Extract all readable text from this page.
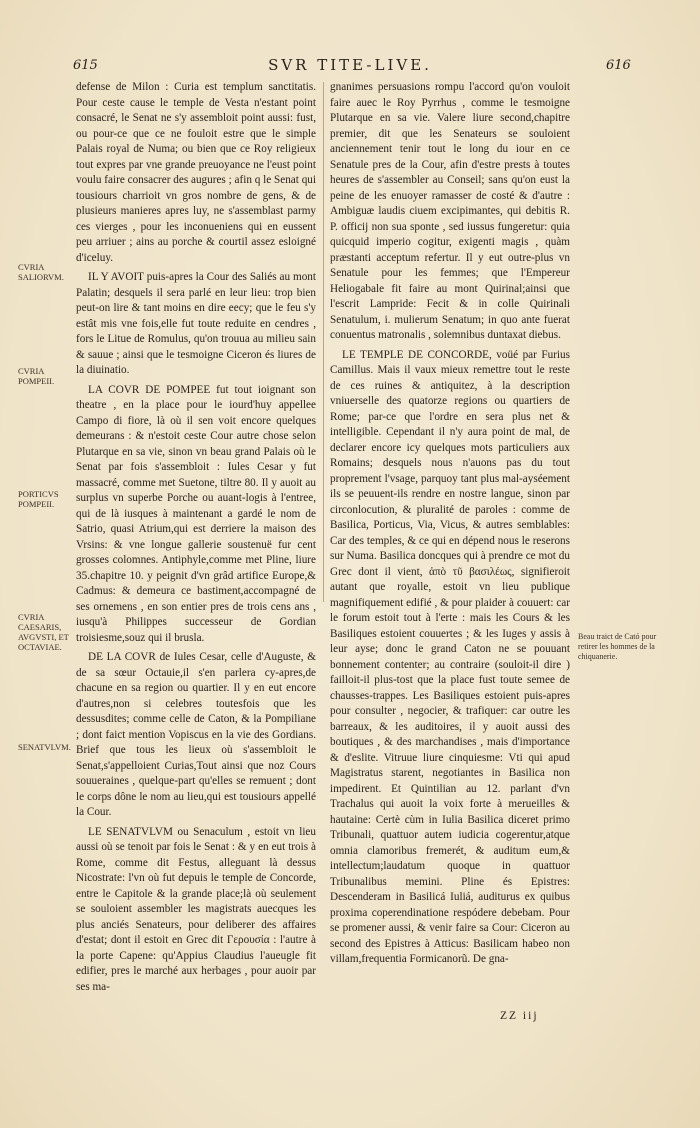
615	SVR TITE-LIVE.	616

defense de Milon : Curia est templum sanctitatis. Pour ceste cause le temple de Vesta n'estant point consacré, le Senat ne s'y assembloit point aussi: fust, ou pour-ce que ce ne fouloit estre que le simple Palais royal de Numa; ou bien que ce Roy religieux tout expres par vne grande preuoyance ne l'eust point voulu faire consacrer des augures ; afin q le Senat qui tousiours charrioit vn gros nombre de gens, & de plusieurs manieres apres luy, ne s'assemblast parmy ces vierges , pour les inconueniens qui en eussent peu arriuer ; ains au porche & courtil assez esloigné d'iceluy.

IL Y AVOIT puis-apres la Cour des Saliés au mont Palatin; desquels il sera parlé en leur lieu: trop bien peut-on lire & tant moins en dire eecy; que le feu s'y estât mis vne fois,elle fut toute reduite en cendres , fors le Litue de Romulus, qu'on trouua au milieu sain & sauue ; ainsi que le tesmoigne Ciceron és liures de la diuinatio.

LA COVR DE POMPEE fut tout ioignant son theatre , en la place pour le iourd'huy appellee Campo di fiore, là où il sen voit encore quelques demeurans : & n'estoit ceste Cour autre chose selon Plutarque en sa vie, sinon vn beau grand Palais où le Senat par fois s'assembloit : Iules Cesar y fut massacré, comme met Suetone, tiltre 80. Il y auoit au surplus vn superbe Porche ou auant-logis à l'entree, qui de là iusques à maintenant a gardé le nom de Satrio, quasi Atrium,qui est derriere la maison des Vrsins: & vne longue gallerie soustenuë fur cent grosses colomnes. Antiphyle,comme met Pline, liure 35.chapitre 10. y peignit d'vn grâd artifice Europe,& Cadmus: & demeura ce bastiment,accompagné de ses ornemens , en son entier pres de trois cens ans , iusqu'à Philippes successeur de Gordian troisiesme,souz qui il brusla.

DE LA COVR de Iules Cesar, celle d'Auguste, & de sa sœur Octauie,il s'en parlera cy-apres,de chacune en sa region ou quartier. Il y en eut encore d'autres,non si celebres toutesfois que les dessusdites; comme celle de Caton, & la Pompiliane ; dont faict mention Vopiscus en la vie des Gordians. Brief que tous les lieux où s'assembloit le Senat,s'appelloient Curias,Tout ainsi que noz Cours souueraines , quelque-part qu'elles se remuent ; dont le corps dône le nom au lieu,qui est tousiours appellé la Cour.

LE SENATVLVM ou Senaculum , estoit vn lieu aussi où se tenoit par fois le Senat : & y en eut trois à Rome, comme dit Festus, alleguant là dessus Nicostrate: l'vn où fut depuis le temple de Concorde, entre le Capitole & la grande place;là où seulement se souloient assembler les magistrats auecques les plus anciés Senateurs, pour deliberer des affaires d'estat; dont il estoit en Grec dit Γερουσία : l'autre à la porte Capene: qu'Appius Claudius l'aueugle fit edifier, pres le marché aux herbages , pour auoir par ses ma-

gnanimes persuasions rompu l'accord qu'on vouloit faire auec le Roy Pyrrhus , comme le tesmoigne Plutarque en sa vie. Valere liure second,chapitre premier, dit que les Senateurs se souloient anciennement tenir tout le long du iour en ce Senatule pres de la Cour, afin d'estre prests à toutes heures de s'assembler au Conseil; sans qu'on eust la peine de les enuoyer ramasser de costé & d'autre : Ambiguæ laudis ciuem excipimantes, qui debitis R. P. officij non sua sponte , sed iussus fungeretur: quia quicquid imperio cogitur, exigenti magis , quàm præstanti acceptum refertur. Il y eut outre-plus vn Senatule pour les femmes; que l'Empereur Heliogabale fit faire au mont Quirinal;ainsi que l'escrit Lampride: Fecit & in colle Quirinali Senatulum, i. mulierum Senatum; in quo ante fuerat conuentus matronalis , solemnibus duntaxat diebus.

LE TEMPLE DE CONCORDE, voüé par Furius Camillus. Mais il vaux mieux remettre tout le reste de ces ruines & antiquitez, à la description vniuerselle des quatorze regions ou quartiers de Rome; par-ce que l'ordre en sera plus net & intelligible. Cependant il n'y aura point de mal, de declarer encore icy quelques mots particuliers aux Romains; desquels nous n'auons pas du tout proprement l'vsage, parquoy tant plus mal-ayséement ils se peuuent-ils rendre en nostre langue, sinon par circonlocution, & pluralité de paroles : comme de Basilica, Porticus, Via, Vicus, & autres semblables: Car des temples, & ce qui en dépend nous le reserons sur Numa. Basilica doncques qui à prendre ce mot du Grec dont il vient, ἀπὸ τῦ βασιλέως, signifieroit autant que royalle, estoit vn lieu publique magnifiquement edifié , & pour plaider à couuert: car le forum estoit tout à l'erte : mais les Cours & les Basiliques estoient couuertes ; & les Iuges y assis à leur ayse; donc le grand Caton ne se pouuant bonnement contenter; au contraire (souloit-il dire ) failloit-il plus-tost que la place fust toute semee de chausses-trappes. Les Basiliques estoient puis-apres pour consulter , negocier, & trafiquer: car outre les barreaux, & les auditoires, il y auoit aussi des boutiques , & des marchandises , mais d'importance & d'eslite. Vitruue liure cinquiesme: Vti qui apud Magistratus starent, negotiantes in Basilica non impedirent. Et Quintilian au 12. parlant d'vn Trachalus qui auoit la voix forte à merueilles & hautaine: Certè cùm in Iulia Basilica diceret primo Tribunali, quattuor autem iudicia cogerentur,atque omnia clamoribus fremerét, & auditum eum,& intellectum;laudatum quoque in quattuor Tribunalibus memini. Pline és Epistres: Descenderam in Basilicá Iuliá, auditurus ex quibus proxima coperendinatione respódere debebam. Pour se promener aussi, & venir faire sa Cour: Ciceron au second des Epistres à Atticus: Basilicam habeo non villam,frequentia Formicanorũ. De gna-

CVRIA SALIORVM.
CVRIA POMPEII.
PORTICVS POMPEII.
CVRIA CAESARIS, AVGVSTI, ET OCTAVIAE.
SENATVLVM.
Beau traict de Cató pour retirer les hommes de la chiquanerie.
ZZ iij
